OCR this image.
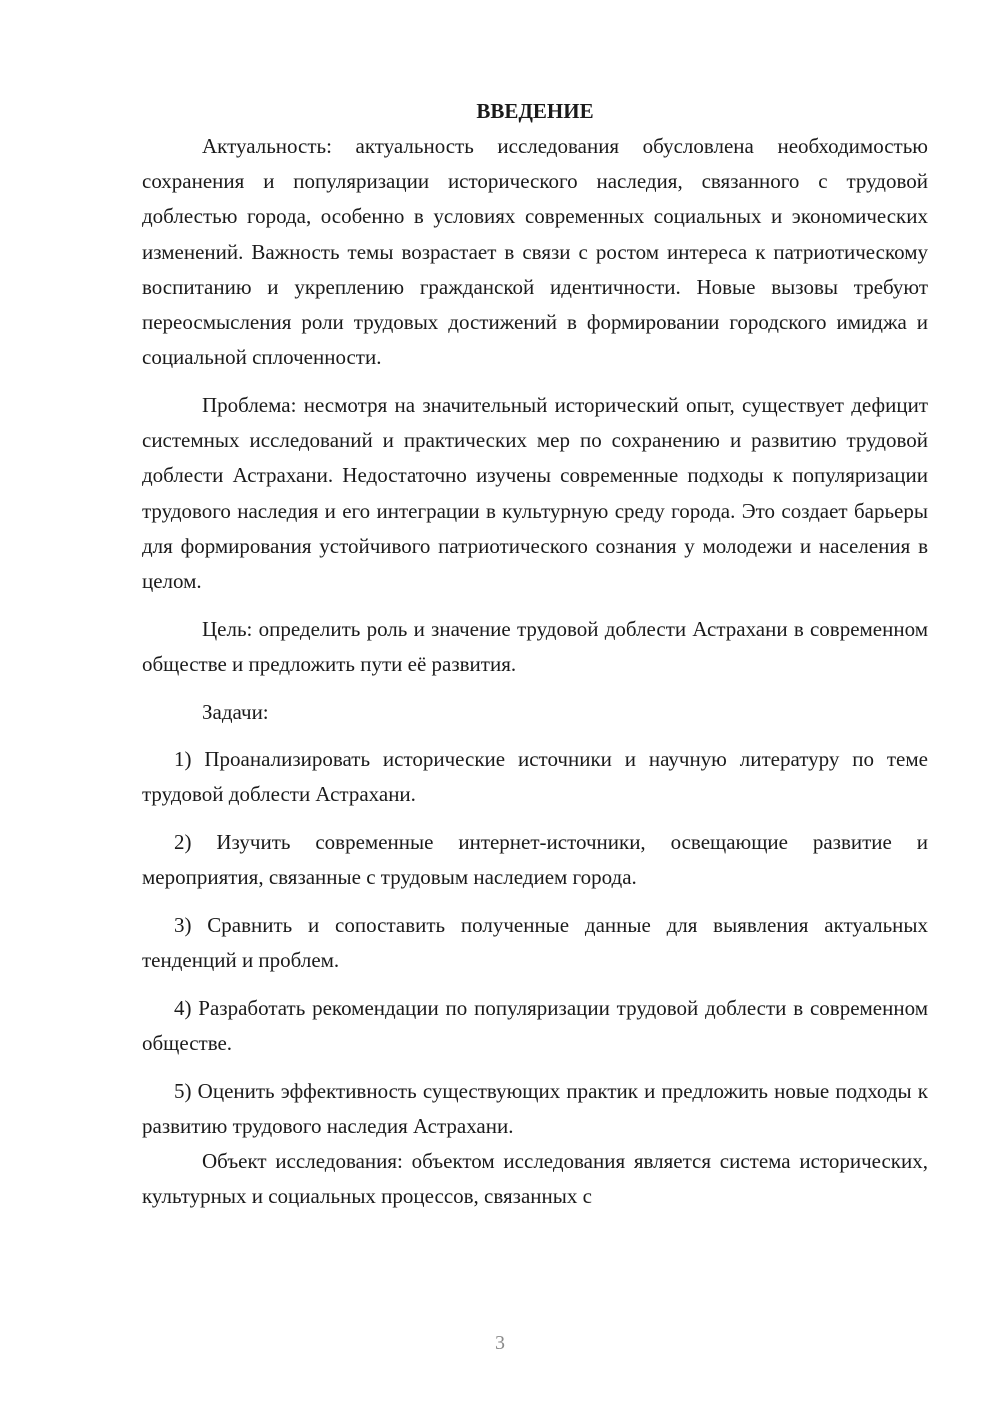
ВВЕДЕНИЕ

Актуальность: актуальность исследования обусловлена необходимостью сохранения и популяризации исторического наследия, связанного с трудовой доблестью города, особенно в условиях современных социальных и экономических изменений. Важность темы возрастает в связи с ростом интереса к патриотическому воспитанию и укреплению гражданской идентичности. Новые вызовы требуют переосмысления роли трудовых достижений в формировании городского имиджа и социальной сплоченности.

Проблема: несмотря на значительный исторический опыт, существует дефицит системных исследований и практических мер по сохранению и развитию трудовой доблести Астрахани. Недостаточно изучены современные подходы к популяризации трудового наследия и его интеграции в культурную среду города. Это создает барьеры для формирования устойчивого патриотического сознания у молодежи и населения в целом.

Цель: определить роль и значение трудовой доблести Астрахани в современном обществе и предложить пути её развития.

Задачи:

1) Проанализировать исторические источники и научную литературу по теме трудовой доблести Астрахани.

2) Изучить современные интернет-источники, освещающие развитие и мероприятия, связанные с трудовым наследием города.

3) Сравнить и сопоставить полученные данные для выявления актуальных тенденций и проблем.

4) Разработать рекомендации по популяризации трудовой доблести в современном обществе.

5) Оценить эффективность существующих практик и предложить новые подходы к развитию трудового наследия Астрахани.

Объект исследования: объектом исследования является система исторических, культурных и социальных процессов, связанных с

3
